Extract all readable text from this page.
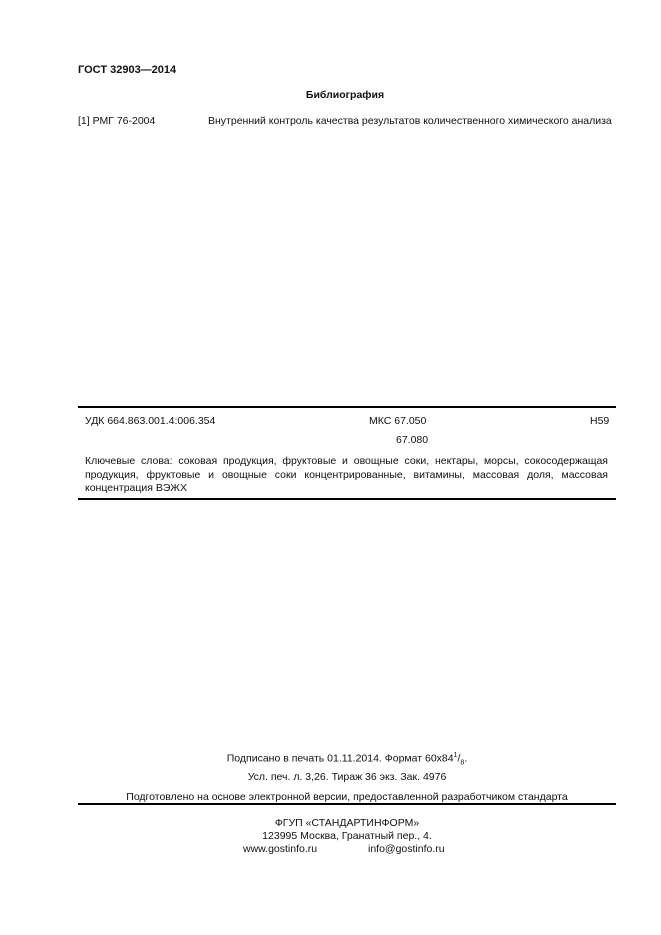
ГОСТ 32903—2014
Библиография
[1] РМГ 76-2004	Внутренний контроль качества результатов количественного химического анализа
УДК 664.863.001.4:006.354	МКС 67.050	Н59
67.080
Ключевые слова: соковая продукция, фруктовые и овощные соки, нектары, морсы, сокосодержащая продукция, фруктовые и овощные соки концентрированные, витамины, массовая доля, массовая концентрация ВЭЖХ
Подписано в печать 01.11.2014. Формат $60x84^1/_8$.
Усл. печ. л. 3,26. Тираж 36 экз. Зак. 4976
Подготовлено на основе электронной версии, предоставленной разработчиком стандарта
ФГУП «СТАНДАРТИНФОРМ»
123995 Москва, Гранатный пер., 4.
www.gostinfo.ru	info@gostinfo.ru
